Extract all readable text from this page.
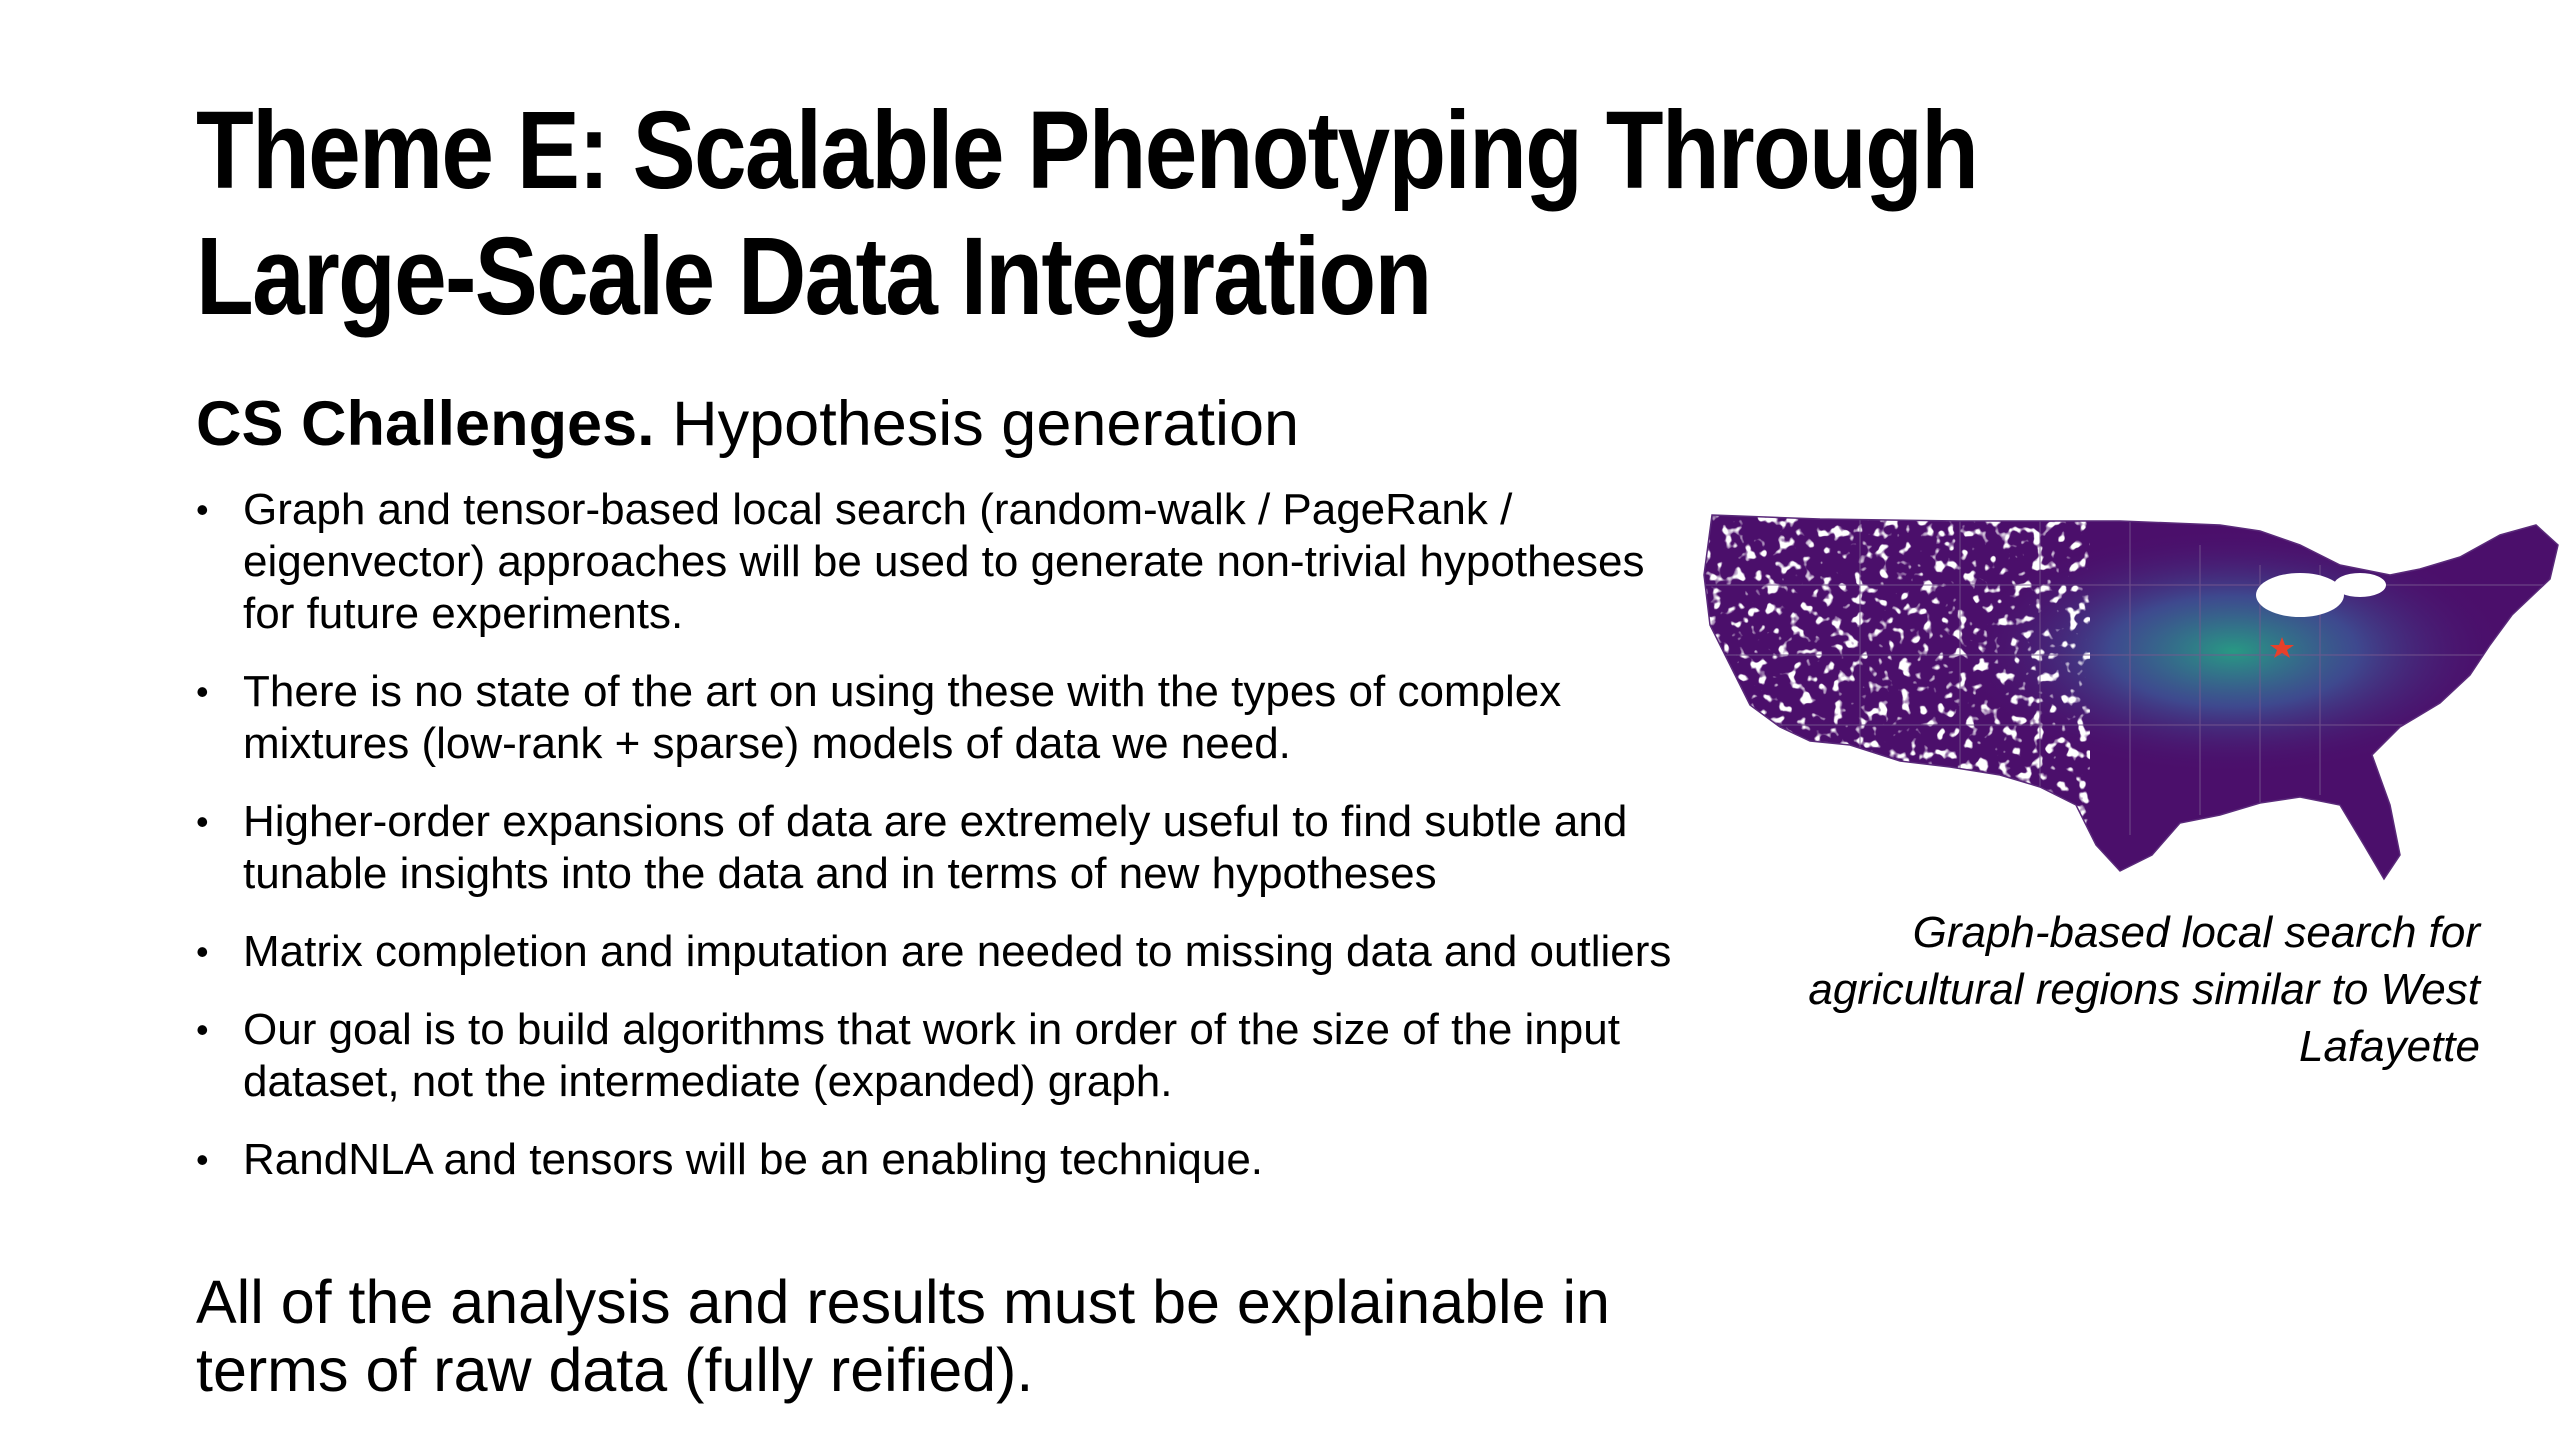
Theme E: Scalable Phenotyping Through
Large-Scale Data Integration
CS Challenges. Hypothesis generation
• Graph and tensor-based local search (random-walk / PageRank / eigenvector) approaches will be used to generate non-trivial hypotheses for future experiments.
• There is no state of the art on using these with the types of complex mixtures (low-rank + sparse) models of data we need.
• Higher-order expansions of data are extremely useful to find subtle and tunable insights into the data and in terms of new hypotheses
• Matrix completion and imputation are needed to missing data and outliers
• Our goal is to build algorithms that work in order of the size of the input dataset, not the intermediate (expanded) graph.
• RandNLA and tensors will be an enabling technique.
All of the analysis and results must be explainable in terms of raw data (fully reified).
Graph-based local search for agricultural regions similar to West Lafayette
